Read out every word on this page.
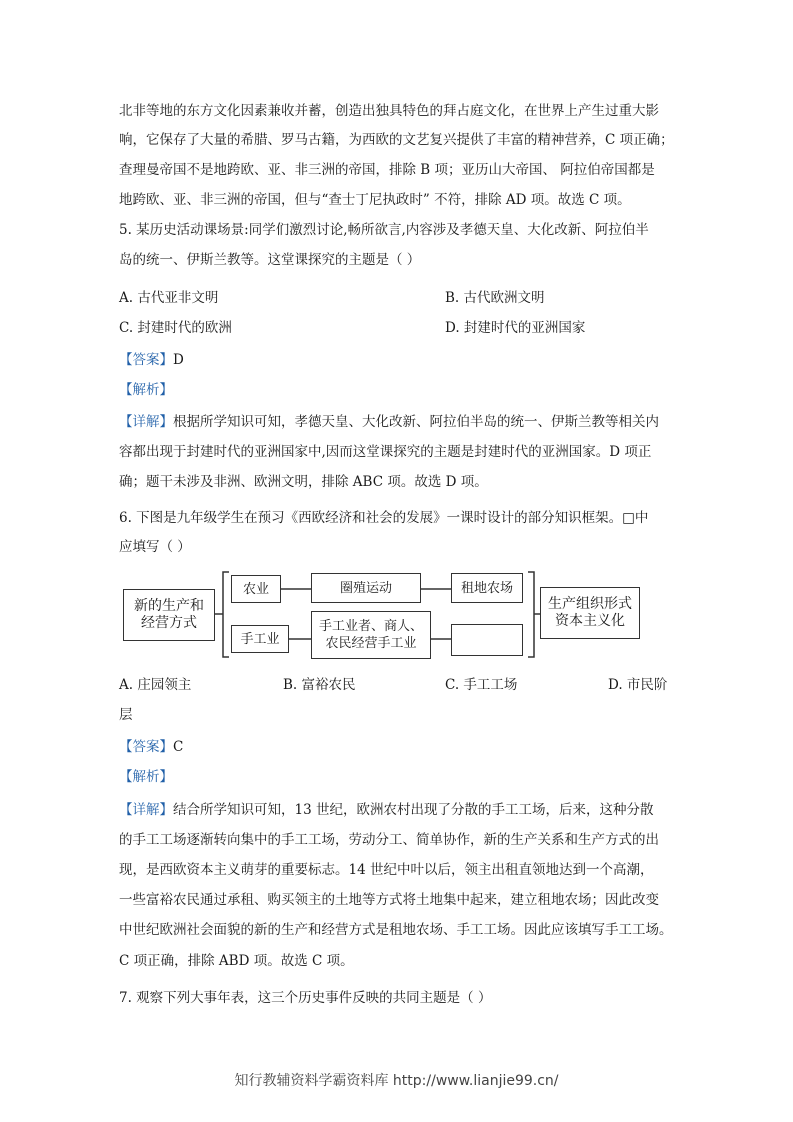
北非等地的东方文化因素兼收并蓄，创造出独具特色的拜占庭文化，在世界上产生过重大影
响，它保存了大量的希腊、罗马古籍，为西欧的文艺复兴提供了丰富的精神营养，C 项正确；
查理曼帝国不是地跨欧、亚、非三洲的帝国，排除 B 项；亚历山大帝国、 阿拉伯帝国都是
地跨欧、亚、非三洲的帝国，但与“查士丁尼执政时” 不符，排除 AD 项。故选 C 项。
5. 某历史活动课场景:同学们激烈讨论,畅所欲言,内容涉及孝德天皇、大化改新、阿拉伯半
岛的统一、伊斯兰教等。这堂课探究的主题是（ ）
A. 古代亚非文明	B. 古代欧洲文明
C. 封建时代的欧洲	D. 封建时代的亚洲国家
【答案】D
【解析】
【详解】根据所学知识可知，孝德天皇、大化改新、阿拉伯半岛的统一、伊斯兰教等相关内
容都出现于封建时代的亚洲国家中,因而这堂课探究的主题是封建时代的亚洲国家。D 项正
确；题干未涉及非洲、欧洲文明，排除 ABC 项。故选 D 项。
6. 下图是九年级学生在预习《西欧经济和社会的发展》一课时设计的部分知识框架。□中
应填写（ ）
新的生产和
经营方式
农业	圈殖运动	租地农场
手工业
手工业者、商人、
农民经营手工业
生产组织形式
资本主义化
A. 庄园领主	B. 富裕农民	C. 手工工场	D. 市民阶
层
【答案】C
【解析】
【详解】结合所学知识可知，13 世纪，欧洲农村出现了分散的手工工场，后来，这种分散
的手工工场逐渐转向集中的手工工场，劳动分工、简单协作，新的生产关系和生产方式的出
现，是西欧资本主义萌芽的重要标志。14 世纪中叶以后，领主出租直领地达到一个高潮，
一些富裕农民通过承租、购买领主的土地等方式将土地集中起来，建立租地农场；因此改变
中世纪欧洲社会面貌的新的生产和经营方式是租地农场、手工工场。因此应该填写手工工场。
C 项正确，排除 ABD 项。故选 C 项。
7. 观察下列大事年表，这三个历史事件反映的共同主题是（ ）
知行教辅资料学霸资料库 http://www.lianjie99.cn/
